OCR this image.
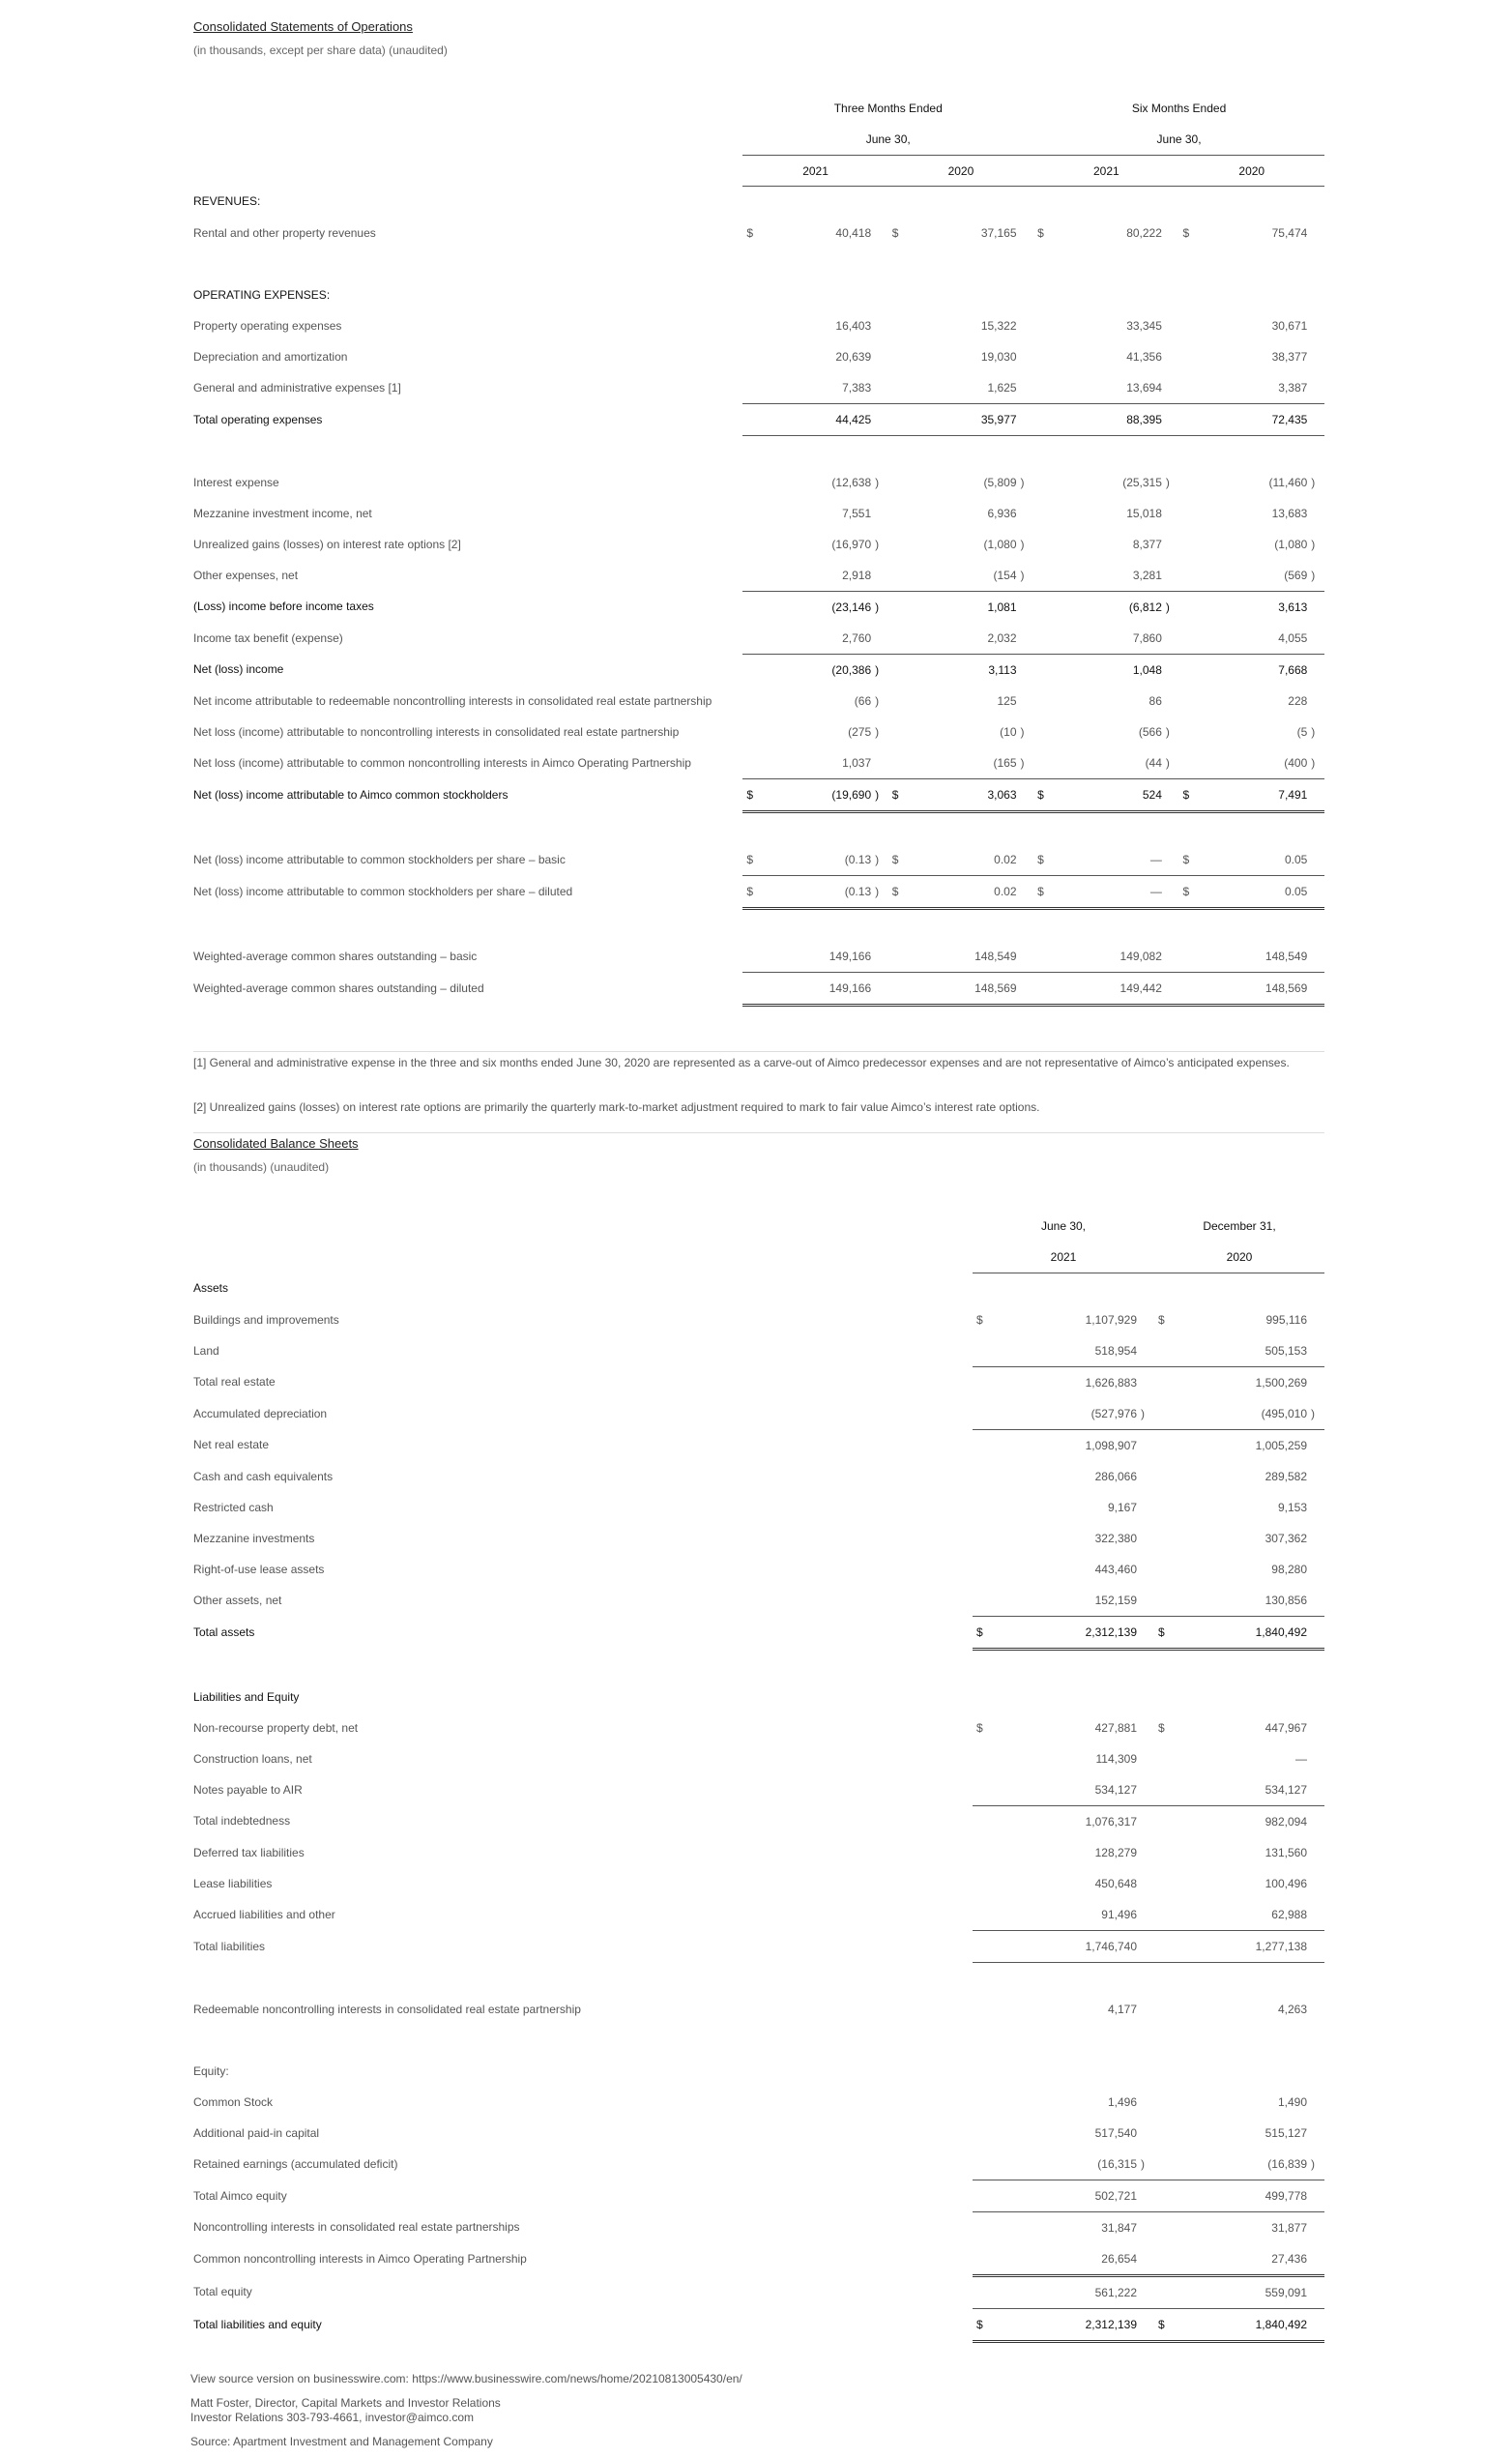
Consolidated Statements of Operations
(in thousands, except per share data) (unaudited)
	Three Months Ended						Six Months Ended					
	June 30,						June 30,					
	2021			2020			2021			2020		
REVENUES:												
Rental and other property revenues	$	40,418		$	37,165		$	80,222		$	75,474	

OPERATING EXPENSES:												
Property operating expenses		16,403			15,322			33,345			30,671	
Depreciation and amortization		20,639			19,030			41,356			38,377	
General and administrative expenses [1]		7,383			1,625			13,694			3,387	
Total operating expenses		44,425			35,977			88,395			72,435	

Interest expense		(12,638	)		(5,809	)		(25,315	)		(11,460	)
Mezzanine investment income, net		7,551			6,936			15,018			13,683	
Unrealized gains (losses) on interest rate options [2]		(16,970	)		(1,080	)		8,377			(1,080	)
Other expenses, net		2,918			(154	)		3,281			(569	)
(Loss) income before income taxes		(23,146	)		1,081			(6,812	)		3,613	
Income tax benefit (expense)		2,760			2,032			7,860			4,055	
Net (loss) income		(20,386	)		3,113			1,048			7,668	
Net income attributable to redeemable noncontrolling interests in consolidated real estate partnership		(66	)		125			86			228	
Net loss (income) attributable to noncontrolling interests in consolidated real estate partnership		(275	)		(10	)		(566	)		(5	)
Net loss (income) attributable to common noncontrolling interests in Aimco Operating Partnership		1,037			(165	)		(44	)		(400	)
Net (loss) income attributable to Aimco common stockholders	$	(19,690	)	$	3,063		$	524		$	7,491	

Net (loss) income attributable to common stockholders per share – basic	$	(0.13	)	$	0.02		$	—		$	0.05	
Net (loss) income attributable to common stockholders per share – diluted	$	(0.13	)	$	0.02		$	—		$	0.05	

Weighted-average common shares outstanding – basic		149,166			148,549			149,082			148,549	
Weighted-average common shares outstanding – diluted		149,166			148,569			149,442			148,569	
[1] General and administrative expense in the three and six months ended June 30, 2020 are represented as a carve-out of Aimco predecessor expenses and are not representative of Aimco’s anticipated expenses.
[2] Unrealized gains (losses) on interest rate options are primarily the quarterly mark-to-market adjustment required to mark to fair value Aimco’s interest rate options.
Consolidated Balance Sheets
(in thousands) (unaudited)
	June 30,			December 31,		
	2021			2020		
Assets						
Buildings and improvements	$	1,107,929		$	995,116	
Land		518,954			505,153	
Total real estate		1,626,883			1,500,269	
Accumulated depreciation		(527,976	)		(495,010	)
Net real estate		1,098,907			1,005,259	
Cash and cash equivalents		286,066			289,582	
Restricted cash		9,167			9,153	
Mezzanine investments		322,380			307,362	
Right-of-use lease assets		443,460			98,280	
Other assets, net		152,159			130,856	
Total assets	$	2,312,139		$	1,840,492	

Liabilities and Equity						
Non-recourse property debt, net	$	427,881		$	447,967	
Construction loans, net		114,309			—	
Notes payable to AIR		534,127			534,127	
Total indebtedness		1,076,317			982,094	
Deferred tax liabilities		128,279			131,560	
Lease liabilities		450,648			100,496	
Accrued liabilities and other		91,496			62,988	
Total liabilities		1,746,740			1,277,138	

Redeemable noncontrolling interests in consolidated real estate partnership		4,177			4,263	

Equity:						
Common Stock		1,496			1,490	
Additional paid-in capital		517,540			515,127	
Retained earnings (accumulated deficit)		(16,315	)		(16,839	)
Total Aimco equity		502,721			499,778	
Noncontrolling interests in consolidated real estate partnerships		31,847			31,877	
Common noncontrolling interests in Aimco Operating Partnership		26,654			27,436	
Total equity		561,222			559,091	
Total liabilities and equity	$	2,312,139		$	1,840,492	
View source version on businesswire.com: https://www.businesswire.com/news/home/20210813005430/en/
Matt Foster, Director, Capital Markets and Investor Relations
Investor Relations 303-793-4661, investor@aimco.com
Source: Apartment Investment and Management Company
